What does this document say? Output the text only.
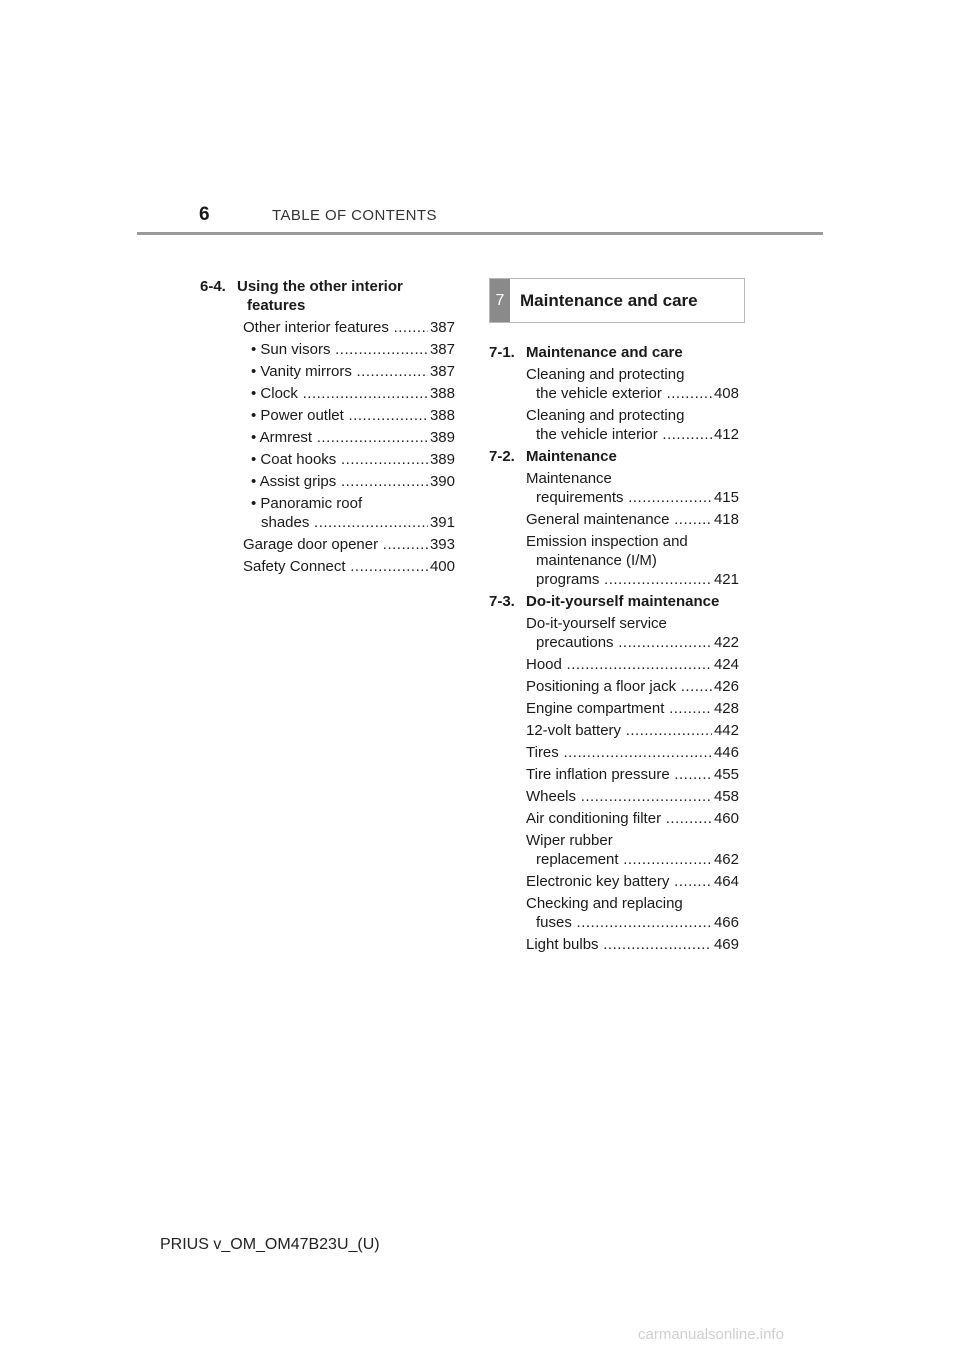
6	TABLE OF CONTENTS
6-4. Using the other interior
features
Other interior features .....	387
• Sun visors .....	387
• Vanity mirrors .....	387
• Clock .....	388
• Power outlet .....	388
• Armrest .....	389
• Coat hooks .....	389
• Assist grips .....	390
• Panoramic roof
shades .....	391
Garage door opener .....	393
Safety Connect .....	400
7 Maintenance and care
7-1. Maintenance and care
Cleaning and protecting
the vehicle exterior .....	408
Cleaning and protecting
the vehicle interior .....	412
7-2. Maintenance
Maintenance
requirements .....	415
General maintenance .....	418
Emission inspection and
maintenance (I/M)
programs .....	421
7-3. Do-it-yourself maintenance
Do-it-yourself service
precautions .....	422
Hood .....	424
Positioning a floor jack .....	426
Engine compartment .....	428
12-volt battery .....	442
Tires .....	446
Tire inflation pressure .....	455
Wheels .....	458
Air conditioning filter .....	460
Wiper rubber
replacement .....	462
Electronic key battery .....	464
Checking and replacing
fuses .....	466
Light bulbs .....	469
PRIUS v_OM_OM47B23U_(U)
carmanualsonline.info
